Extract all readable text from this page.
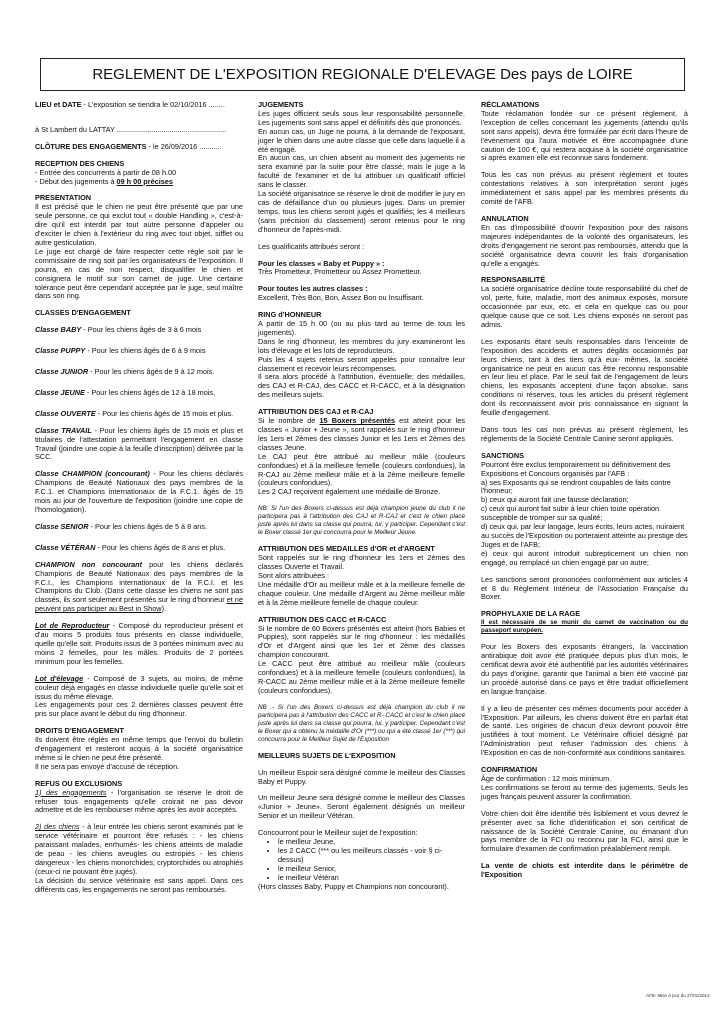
REGLEMENT DE L'EXPOSITION REGIONALE D'ELEVAGE Des pays de LOIRE

LIEU et DATE - L'exposition se tiendra le 02/10/2016 ........

à St Lambert du LATTAY ......................................................

CLÔTURE DES ENGAGEMENTS - le 26/09/2016 ...........

RECEPTION DES CHIENS
- Entrée des concurrents à partir de 08 h.00

- Début des jugements à 09 h 00 précises

PRESENTATION

Il est précisé que le chien ne peut être présenté que par une seule personne, ce qui exclut tout « double Handling », c'est-à-dire qu'il est interdit par tout autre personne d'appeler ou d'exciter le chien à l'extérieur du ring avec tout objet, sifflet ou autre gesticulation.

Le juge est chargé de faire respecter cette règle soit par le commissaire de ring soit par les organisateurs de l'exposition. Il pourra, en cas de non respect, disqualifier le chien et consignera le motif sur son carnet de juge. Une certaine tolérance peut être cependant acceptée par le juge, seul maître dans son ring.

CLASSES D'ENGAGEMENT

Classe BABY - Pour les chiens âgés de 3 à 6 mois

Classe PUPPY - Pour les chiens âgés de 6 à 9 mois

Classe JUNIOR - Pour les chiens âgés de 9 à 12 mois.

Classe JEUNE - Pour les chiens âgés de 12 à 18 mois,

Classe OUVERTE - Pour les chiens âgés de 15 mois et plus.

Classe TRAVAIL - Pour les chiens âgés de 15 mois et plus et titulaires de l'attestation permettant l'engagement en classe Travail (joindre une copie à la feuille d'inscription) délivrée par la SCC.

Classe CHAMPION (concourant) - Pour les chiens déclarés Champions de Beauté Nationaux des pays membres de la F.C.1. et Champions internationaux de la F.C.1. âgés de 15 mois au jour de l'ouverture de l'exposition (joindre une copie de l'homologation).

Classe SENIOR - Pour les chiens âgés de 5 à 8 ans.

Classe VÉTÉRAN - Pour les chiens âgés de 8 ans et plus.

CHAMPION non concourant pour les chiens déclarés Champions de Beauté Nationaux des pays membres de la F.C.I., les Champions internationaux de la F.C.I. et les Champions du Club. (Dans cette classe les chiens ne sont pas classés, ils sont seulement présentés sur le ring d'honneur et ne peuvent pas participer au Best in Show).

Lot de Reproducteur - Composé du reproducteur présent et d'au moins 5 produits tous présents en classe individuelle, quelle qu'elle soit. Produits issus de 3 portées minimum avec au moins 2 femelles, pour les mâles. Produits de 2 portées minimum pour les femelles.

Lot d'élevage - Composé de 3 sujets, au moins, de même couleur déjà engagés en classe individuelle quelle qu'elle soit et issus du même élevage.

Les engagements pour ces 2 dernières classes peuvent être pris sur place avant le début du ring d'honneur.

DROITS D'ENGAGEMENT

Ils doivent être réglés en même temps que l'envoi du bulletin d'engagement et resteront acquis à la société organisatrice même si le chien ne peut être présenté.

Il ne sera pas envoyé d'accusé de réception.

REFUS OU EXCLUSIONS

1) des engagements - l'organisation se réserve le droit de refuser tous engagements qu'elle croirait ne pas devoir admettre et de les rembourser même après les avoir acceptés.

2) des chiens - à leur entrée les chiens seront examinés par le service vétérinaire et pourront être refusés : - les chiens paraissant malades, enrhumés- les chiens atteints de maladie de peau - les chiens aveugles ou estropiés - les chiens dangereux - les chiens monorchides, cryptorchides ou atrophiés (ceux-ci ne pouvant être jugés).

La décision du service vétérinaire est sans appel. Dans ces différents cas, les engagements ne seront pas remboursés.

JUGEMENTS

Les juges officient seuls sous leur responsabilité personnelle. Les jugements sont sans appel et définitifs dès que prononcés.

En aucun cas, un Juge ne pourra, à la demande de l'exposant, juger le chien dans une autre classe que celle dans laquelle il a été engagé.

En aucun cas, un chien absent au moment des jugements ne sera examiné par la suite pour être classé; mais le juge a la faculté de l'examiner et de lui attribuer un qualificatif officiel sans le classer.

La société organisatrice se réserve le droit de modifier le jury en cas de défaillance d'un ou plusieurs juges. Dans un premier temps, tous les chiens seront jugés et qualifiés; les 4 meilleurs (sans précision du classement) seront retenus pour le ring d'honneur de l'après-midi.

Les qualificatifs attribués seront :

Pour les classes « Baby et Puppy » :

Très Prometteur, Prometteur ou Assez Prometteur.

Pour toutes les autres classes :

Excellent, Très Bon, Bon, Assez Bon ou Insuffisant.

RING d'HONNEUR

A partir de 15 h 00 (ou au plus tard au terme de tous les jugements).

Dans le ring d'honneur, les membres du jury examineront les lots d'élevage et les lots de reproducteurs.

Puis les 4 sujets retenus seront appelés pour connaître leur classement et recevoir leurs récompenses.

Il sera alors procédé à l'attribution, éventuelle; des médailles, des CAJ et R-CAJ, des CACC et R-CACC, et à la désignation des meilleurs sujets.

ATTRIBUTION DES CAJ et R-CAJ

Si le nombre de 15 Boxers présentés est atteint pour les classes « Junior + Jeune », sont rappelés sur le ring d'honneur les 1ers et 2èmes des classes Junior et les 1ers et 2èmes des classes Jeune.

Le CAJ peut être attribué au meilleur mâle (couleurs confondues) et à la meilleure femelle (couleurs confondues), la R-CAJ au 2ème meilleur mâle et à la 2ème meilleure femelle (couleurs confondues).

Les 2 CAJ reçoivent également une médaille de Bronze.

NB: Si l'un des Boxers ci-dessus est déjà champion jeune du club il ne participera pas à l'attribution des CAJ et R-CAJ et c'est le chien placé juste après lui dans sa classe qui pourra, lui, y participer. Cependant c'est le Boxer classé 1er qui concourra pour le Meilleur Jeune.

ATTRIBUTION DES MEDAILLES d'OR et d'ARGENT

Sont rappelés sur le ring d'honneur les 1ers et 2èmes des classes Ouverte et Travail.

Sont alors attribuées :

Une médaille d'Or au meilleur mâle et à la meilleure femelle de chaque couleur. Une médaille d'Argent au 2ème meilleur mâle et à la 2ème meilleure femelle de chaque couleur.

ATTRIBUTION DES CACC et R-CACC

Si le nombre de 60 Boxers présentés est atteint (hors Babies et Puppies), sont rappelés sur le ring d'honneur : les médaillés d'Or et d'Argent ainsi que les 1er et 2ème des classes champion concourant.

Le CACC peut être attribué au meilleur mâle (couleurs confondues) et à la meilleure femelle (couleurs confondues), la R-CACC au 2ème meilleur mâle et à la 2ème meilleure femelle (couleurs confondues).

NB .- Si l'un des Boxers ci-dessus est déjà champion du club il ne participera pas à l'attribution des CACC et R- CACC et c'est le chien placé juste après lui dans sa classe qui pourra, lui, y participer. Cependant c'est le Boxer qui a obtenu la médaille d'Or (***) ou qui a été classé 1er (***) qui concourra pour le Meilleur Sujet de l'Exposition

MEILLEURS SUJETS DE L'EXPOSITION

Un meilleur Espoir sera désigné comme le meilleur des Classes Baby et Puppy.

Un meilleur Jeune sera désigné comme le meilleur des Classes «Junior + Jeune». Seront également désignés un meilleur Senior et un meilleur Vétéran.

Concourront pour le Meilleur sujet de l'exposition:

• le meilleur Jeune,
• les 2 CACC (*** ou les meilleurs classés - voir § ci-dessus)
• le meilleur Senior,
• le meilleur Vétéran

(Hors classes Baby, Puppy et Champions non concourant).

RÉCLAMATIONS

Toute réclamation fondée sur ce présent règlement, à l'exception de celles concernant les jugements (attendu qu'ils sont sans appels), devra être formulée par écrit dans l'heure de l'événement qui l'aura motivée et être accompagnée d'une caution de 100 €, qui restera acquise à la société organisatrice si après examen elle est reconnue sans fondement.

Tous les cas non prévus au présent règlement et toutes contestations relatives à son interprétation seront jugés immédiatement et sans appel par les membres présents du comité de l'AFB.

ANNULATION

En cas d'impossibilité d'ouvrir l'exposition pour des raisons majeures indépendantes de la volonté des organisateurs, les droits d'engagement ne seront pas remboursés, attendu que la société organisatrice devra couvrir les frais d'organisation qu'elle a engagés.

RESPONSABILITÉ

La société organisatrice décline toute responsabilité du chef de vol, perte, fuite, maladie, mort des animaux exposés, morsure occasionnée par eux, etc. et cela en quelque cas ou pour quelque cause que ce soit. Les chiens exposés ne seront pas admis.

Les exposants étant seuls responsables dans l'enceinte de l'exposition des accidents et autres dégâts occasionnés par leurs chiens, tant à des tiers qu'à eux- mêmes, la société organisatrice ne peut en aucun cas être reconnu responsable en leur lieu et place. Par le seul fait de l'engagement de leurs chiens, les exposants acceptent d'une façon absolue, sans conditions ni réserves, tous les articles du présent règlement dont ils reconnaissent avoir pris connaissance en signant la feuille d'engagement.

Dans tous les cas non prévus au présent règlement, les règlements de la Société Centrale Canine seront appliqués.

SANCTIONS
Pourront être exclus temporairement ou définitivement des Expositions et Concours organisés par l'AFB :
a) ses Exposants qui se rendront coupables de faits contre l'honneur;
b) ceux qui auront fait une fausse déclaration;
c) ceux qui auront fait subir à leur chien toute opération susceptible de tromper sur sa qualité;
d) ceux qui, par leur langage, leurs écrits, leurs actes, nuiraient au succès de l'Exposition ou porteraient atteinte au prestige des Juges et de l'AFB;

e) ceux qui auront introduit subrepticement un chien non engagé, ou remplacé un chien engagé par un autre;

Les sanctions seront prononcées conformément aux articles 4 et 8 du Règlement Intérieur de l'Association Française du Boxer.

PROPHYLAXIE DE LA RAGE

Il est nécessaire de se munir du carnet de vaccination ou du passeport européen.

Pour les Boxers des exposants étrangers, la vaccination antirabique doit avoir été pratiquée depuis plus d'un mois, le certificat devra avoir été authentifié par les autorités vétérinaires du pays d'origine, garantir que l'animal a bien été vacciné par un procédé autorisé dans ce pays et être traduit officiellement en langue française.

Il y a lieu de présenter ces mêmes documents pour accéder à l'Exposition. Par ailleurs, les chiens doivent être en parfait état de santé. Les origines de chacun d'eux devront pouvoir être justifiées à tout moment. Le Vétérinaire officiel désigné par l'Administration peut refuser l'admission des chiens à l'Exposition en cas de non-conformité aux conditions sanitaires.

CONFIRMATION

Âge de confirmation : 12 mois minimum.

Les confirmations se feront au terme des jugements. Seuls les juges français peuvent assurer la confirmation.

Votre chien doit être identifié très lisiblement et vous devrez le présenter avec sa fiche d'identification et son certificat de naissance de la Société Centrale Canine, ou émanant d'un pays membre de la FCI ou reconnu par la FCI, ainsi que le formulaire d'examen de confirmation préalablement rempli.

La vente de chiots est interdite dans le périmètre de l'Exposition

AFB- Mise à jour du 27/01/2013
